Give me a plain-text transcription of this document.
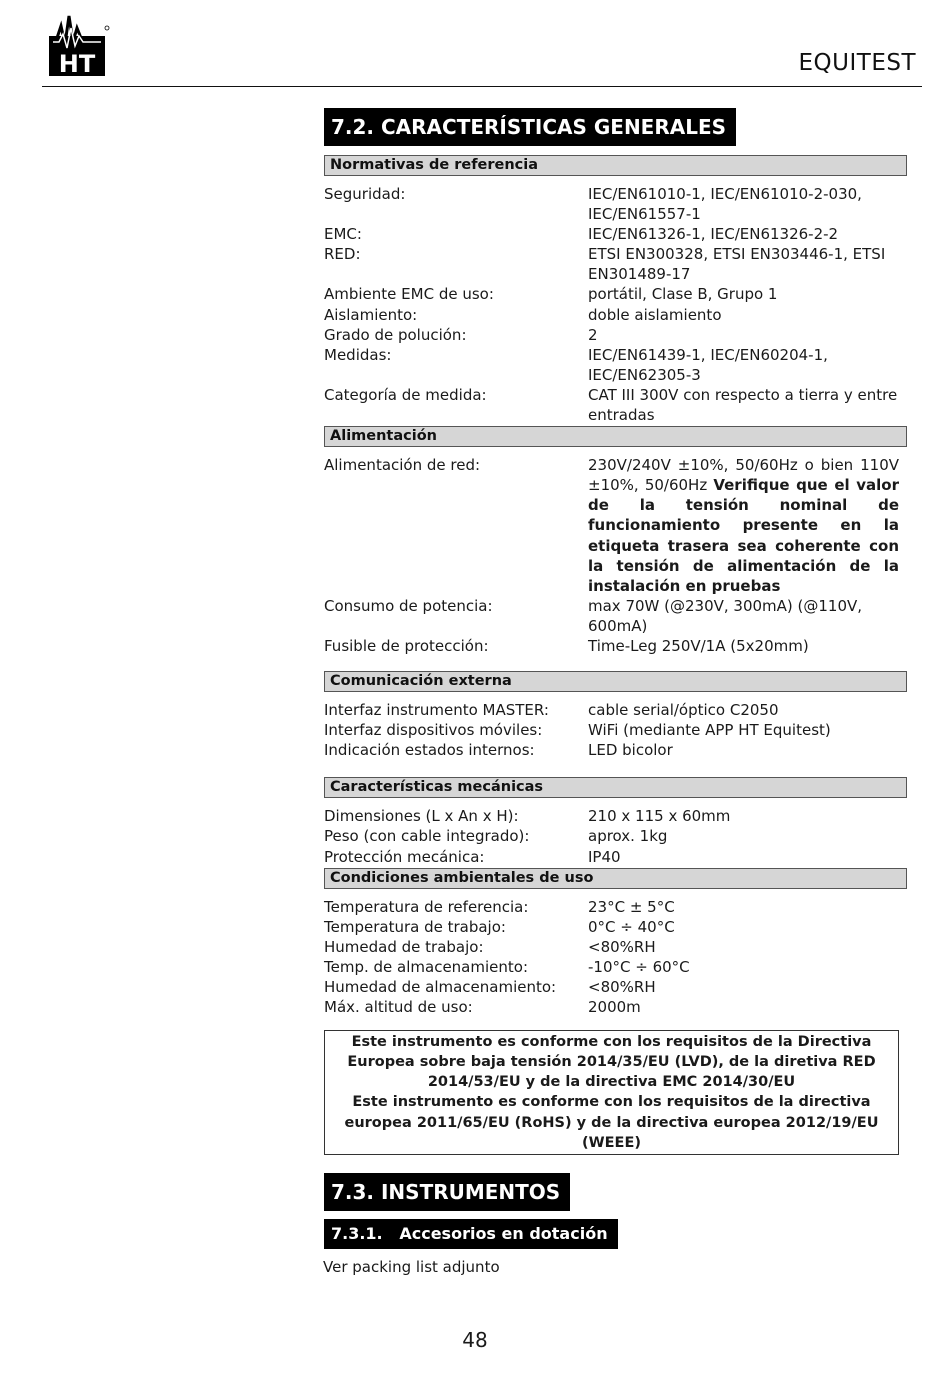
HT	EQUITEST
7.2. CARACTERÍSTICAS GENERALES
Normativas de referencia
Seguridad:	IEC/EN61010-1, IEC/EN61010-2-030, IEC/EN61557-1
EMC:	IEC/EN61326-1, IEC/EN61326-2-2
RED:	ETSI EN300328, ETSI EN303446-1, ETSI EN301489-17
Ambiente EMC de uso:	portátil, Clase B, Grupo 1
Aislamiento:	doble aislamiento
Grado de polución:	2
Medidas:	IEC/EN61439-1, IEC/EN60204-1, IEC/EN62305-3
Categoría de medida:	CAT III 300V con respecto a tierra y entre entradas
Alimentación
Alimentación de red:	230V/240V ±10%, 50/60Hz o bien 110V ±10%, 50/60Hz Verifique que el valor de la tensión nominal de funcionamiento presente en la etiqueta trasera sea coherente con la tensión de alimentación de la instalación en pruebas
Consumo de potencia:	max 70W (@230V, 300mA) (@110V, 600mA)
Fusible de protección:	Time-Leg 250V/1A (5x20mm)
Comunicación externa
Interfaz instrumento MASTER:	cable serial/óptico C2050
Interfaz dispositivos móviles:	WiFi (mediante APP HT Equitest)
Indicación estados internos:	LED bicolor
Características mecánicas
Dimensiones (L x An x H):	210 x 115 x 60mm
Peso (con cable integrado):	aprox. 1kg
Protección mecánica:	IP40
Condiciones ambientales de uso
Temperatura de referencia:	23°C ± 5°C
Temperatura de trabajo:	0°C ÷ 40°C
Humedad de trabajo:	<80%RH
Temp. de almacenamiento:	-10°C ÷ 60°C
Humedad de almacenamiento:	<80%RH
Máx. altitud de uso:	2000m
Este instrumento es conforme con los requisitos de la Directiva Europea sobre baja tensión 2014/35/EU (LVD), de la diretiva RED 2014/53/EU y de la directiva EMC 2014/30/EU
Este instrumento es conforme con los requisitos de la directiva europea 2011/65/EU (RoHS) y de la directiva europea 2012/19/EU (WEEE)
7.3. INSTRUMENTOS
7.3.1.   Accesorios en dotación
Ver packing list adjunto
48
